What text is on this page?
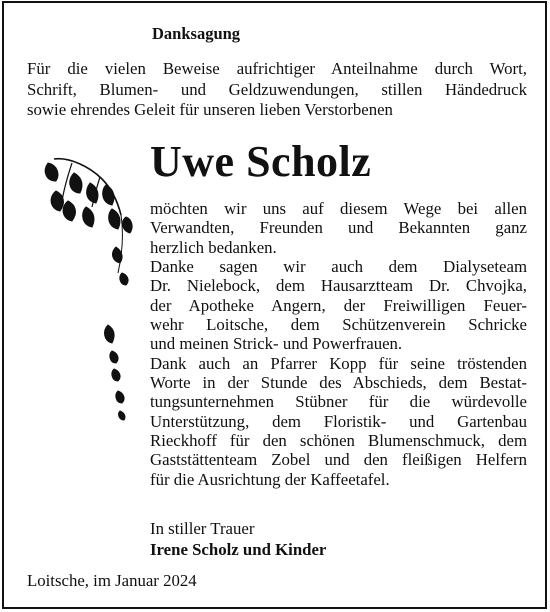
Danksagung

Für die vielen Beweise aufrichtiger Anteilnahme durch Wort,
Schrift, Blumen- und Geldzuwendungen, stillen Händedruck
sowie ehrendes Geleit für unseren lieben Verstorbenen

Uwe Scholz

möchten wir uns auf diesem Wege bei allen
Verwandten, Freunden und Bekannten ganz
herzlich bedanken.
Danke sagen wir auch dem Dialyseteam
Dr. Nielebock, dem Hausarztteam Dr. Chvojka,
der Apotheke Angern, der Freiwilligen Feuer-
wehr Loitsche, dem Schützenverein Schricke
und meinen Strick- und Powerfrauen.
Dank auch an Pfarrer Kopp für seine tröstenden
Worte in der Stunde des Abschieds, dem Bestat-
tungsunternehmen Stübner für die würdevolle
Unterstützung, dem Floristik- und Gartenbau
Rieckhoff für den schönen Blumenschmuck, dem
Gaststättenteam Zobel und den fleißigen Helfern
für die Ausrichtung der Kaffeetafel.

In stiller Trauer
Irene Scholz und Kinder
Loitsche, im Januar 2024
